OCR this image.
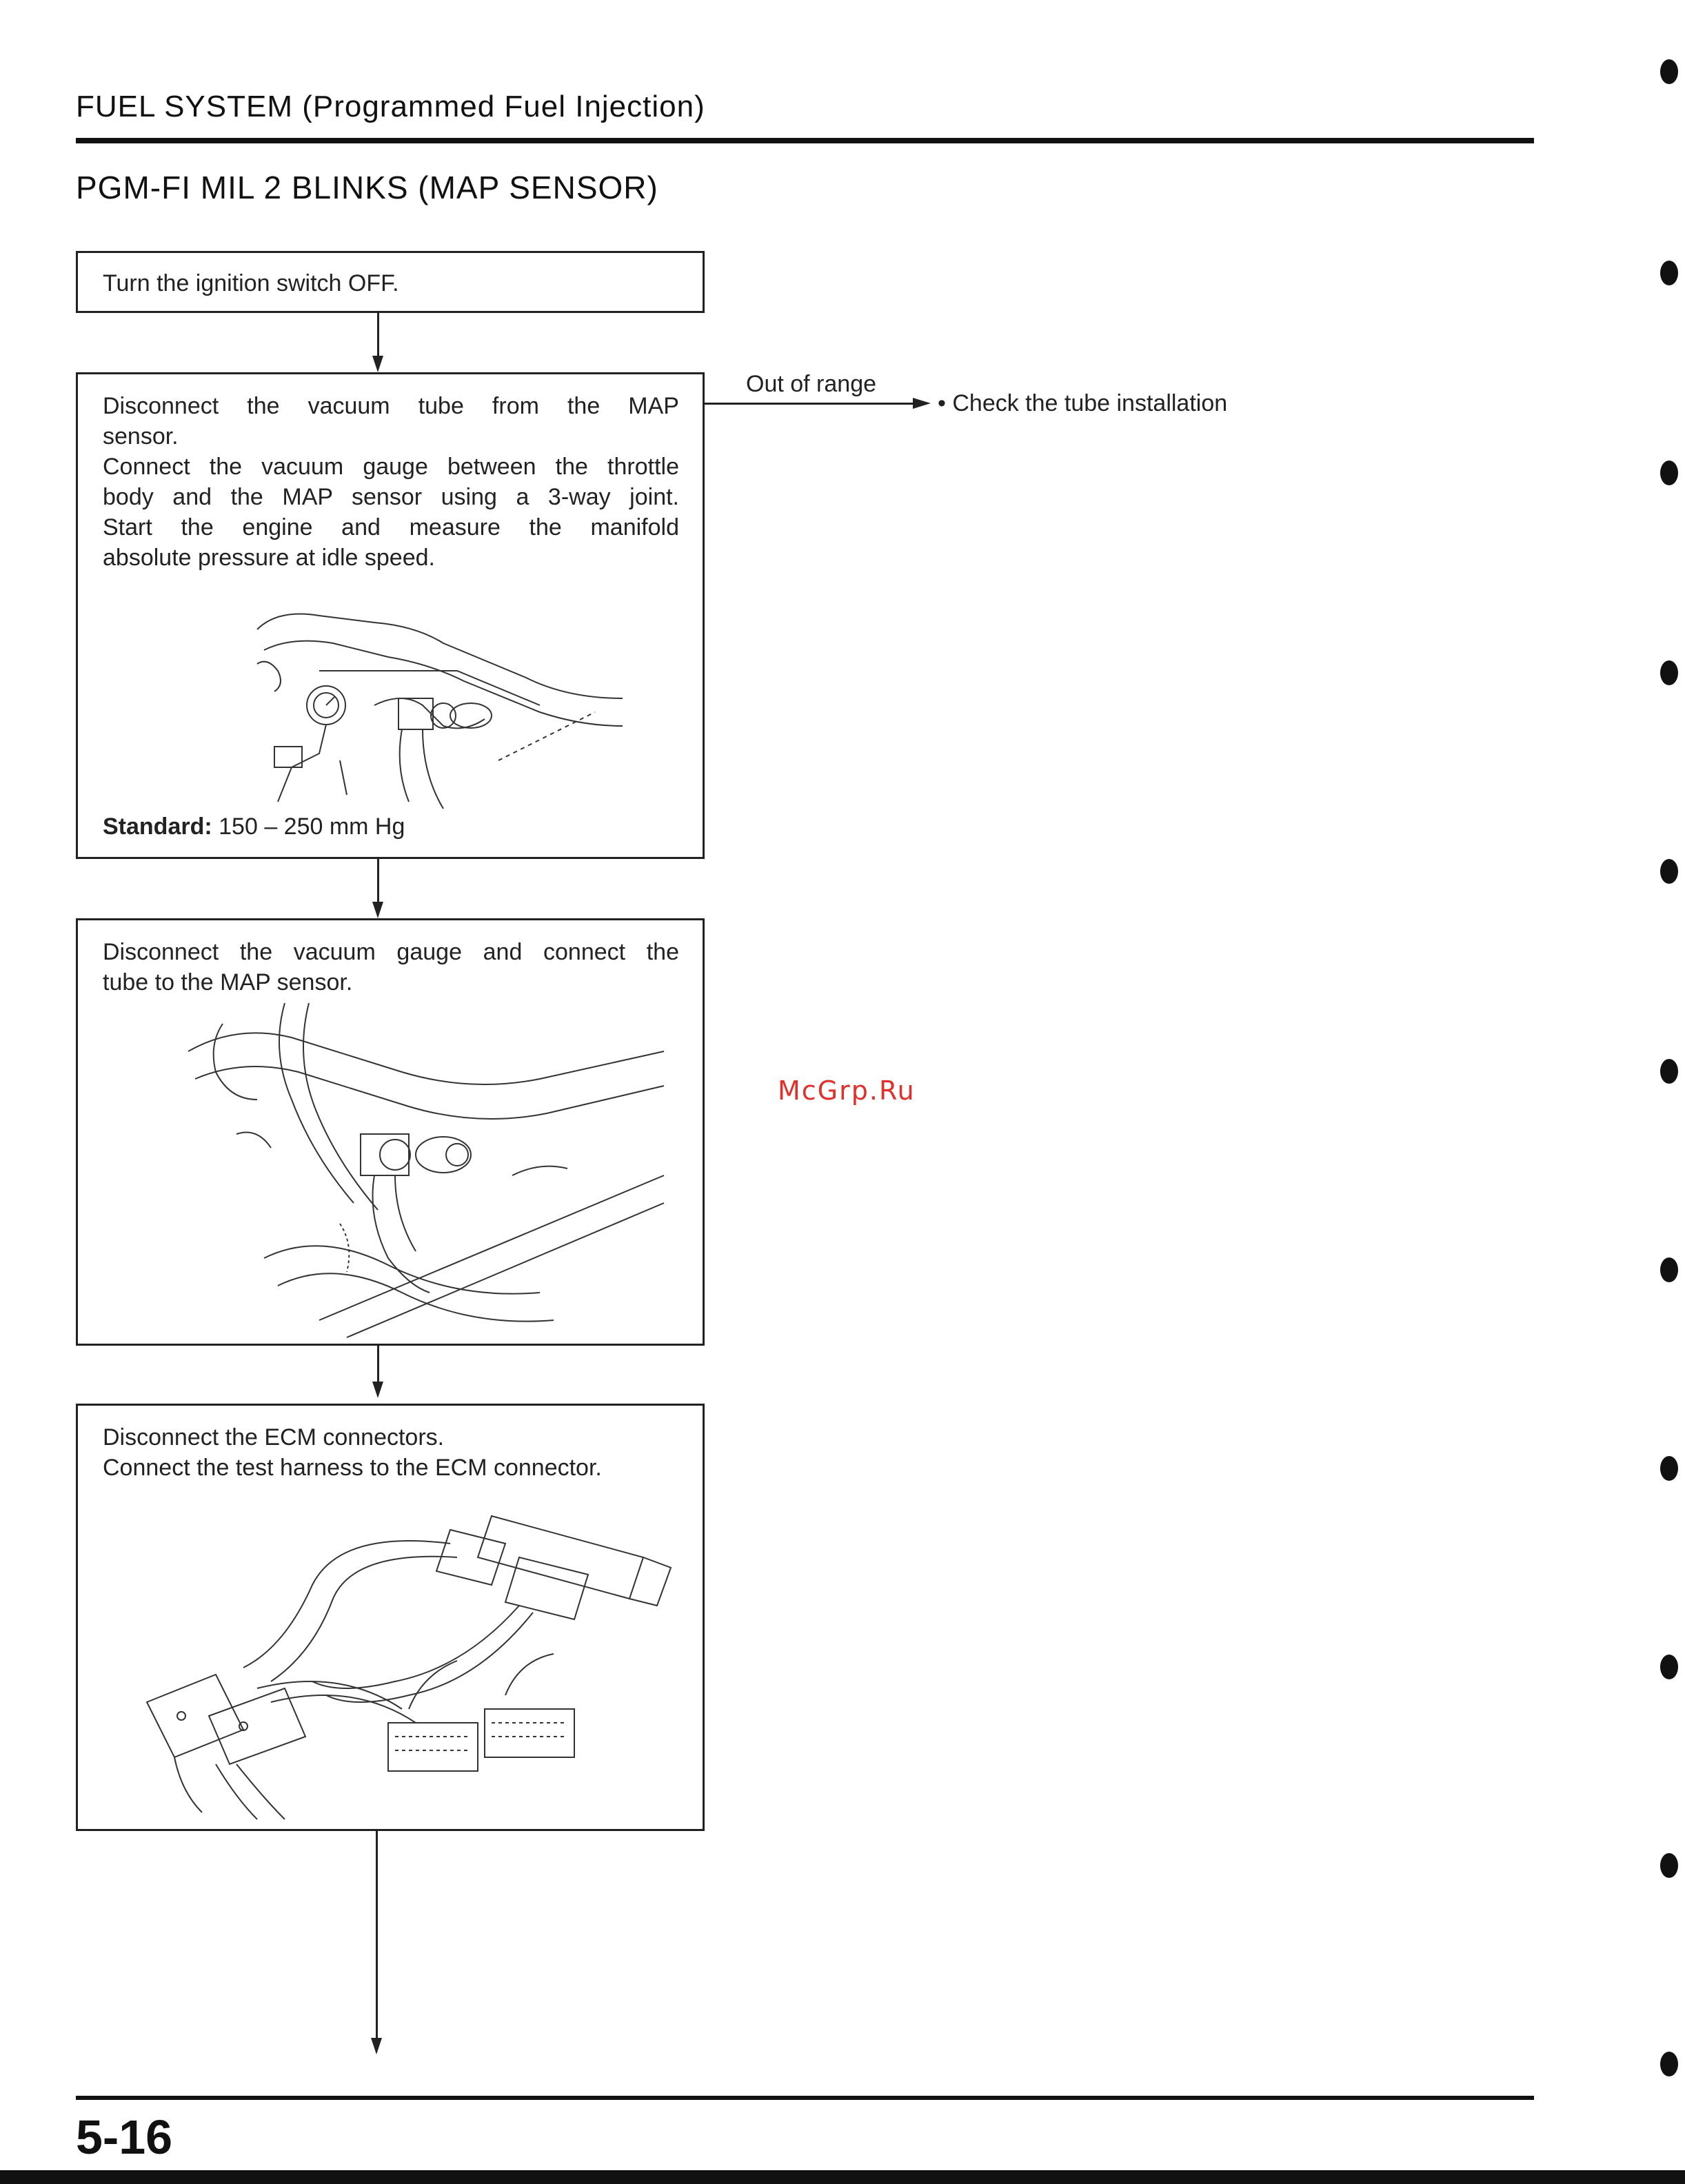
FUEL SYSTEM (Programmed Fuel Injection)
PGM-FI MIL 2 BLINKS (MAP SENSOR)

Turn the ignition switch OFF.

Disconnect the vacuum tube from the MAP

sensor.

Connect the vacuum gauge between the throttle

body and the MAP sensor using a 3-way joint.

Start the engine and measure the manifold

absolute pressure at idle speed.

Standard: 150 – 250 mm Hg

Out of range
• Check the tube installation

Disconnect the vacuum gauge and connect the

tube to the MAP sensor.

Disconnect the ECM connectors.

Connect the test harness to the ECM connector.

McGrp.Ru
5-16
